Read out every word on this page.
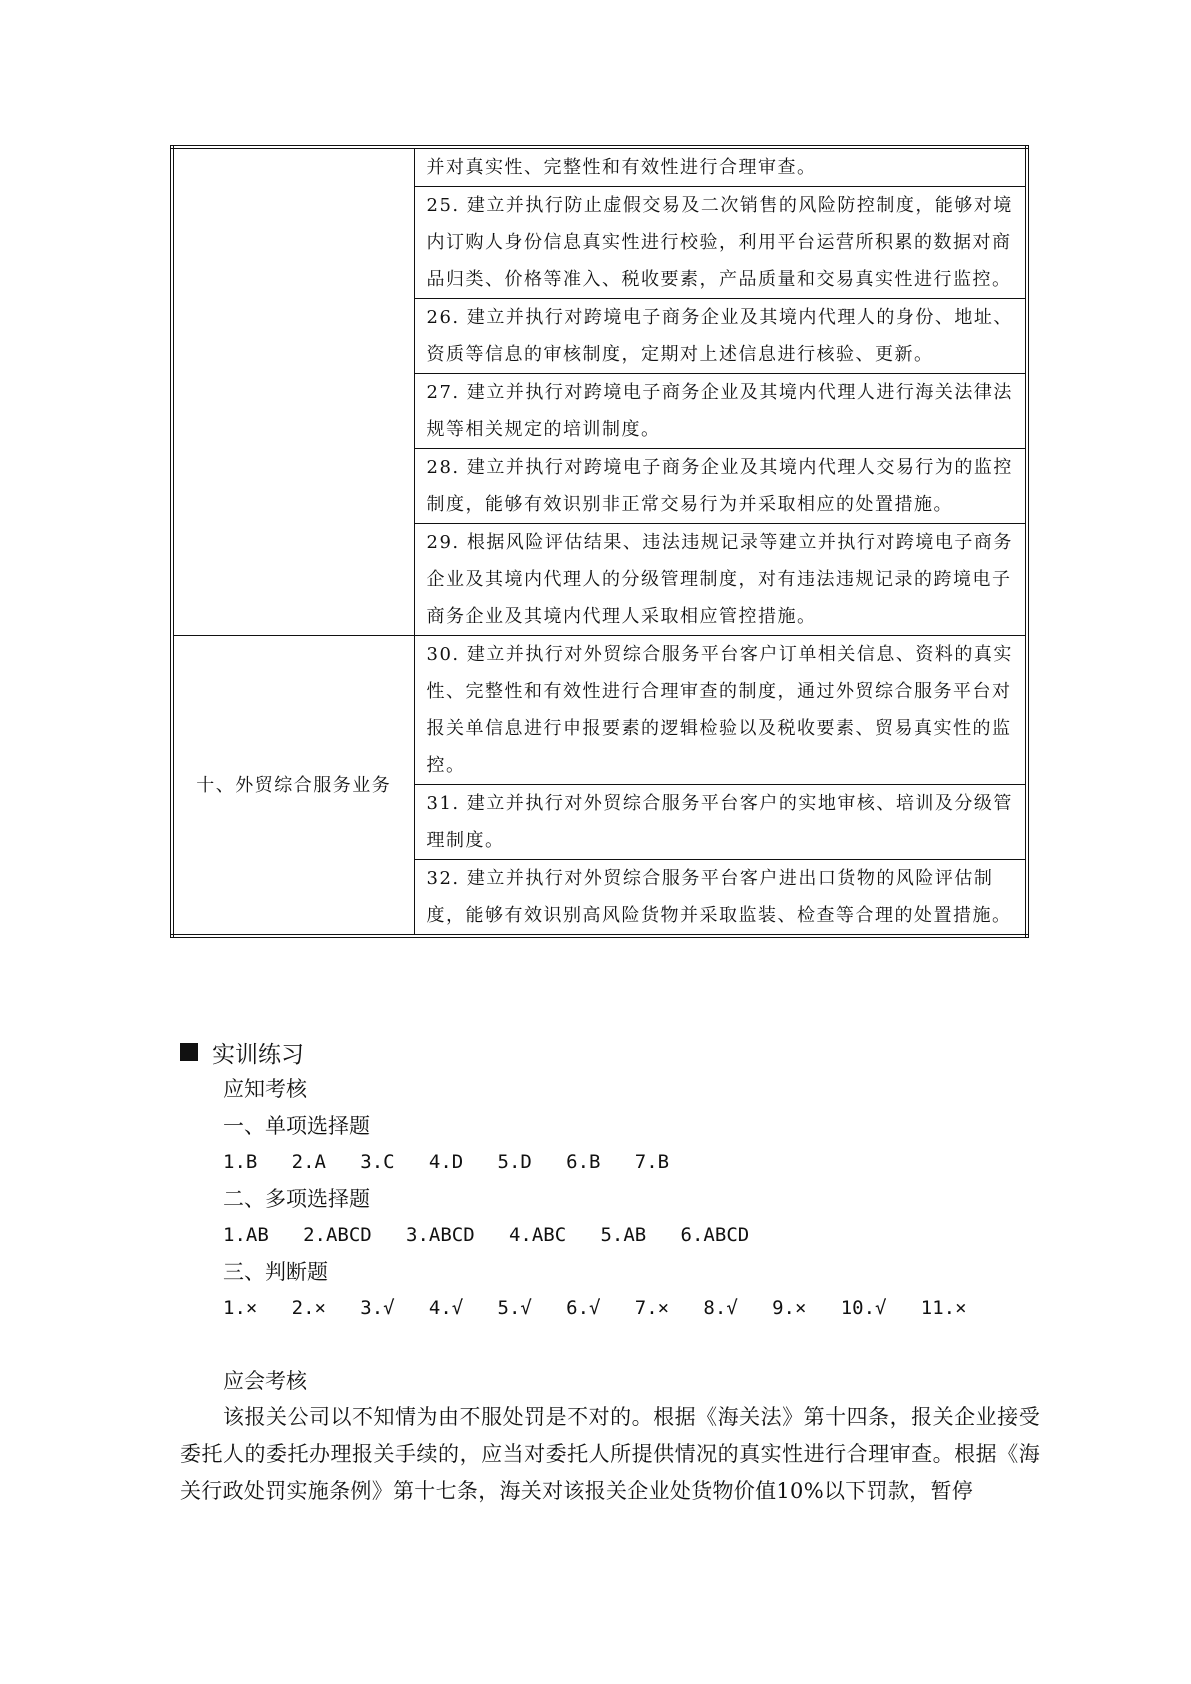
	并对真实性、完整性和有效性进行合理审查。
	25. 建立并执行防止虚假交易及二次销售的风险防控制度，能够对境内订购人身份信息真实性进行校验，利用平台运营所积累的数据对商品归类、价格等准入、税收要素，产品质量和交易真实性进行监控。
	26. 建立并执行对跨境电子商务企业及其境内代理人的身份、地址、资质等信息的审核制度，定期对上述信息进行核验、更新。
	27. 建立并执行对跨境电子商务企业及其境内代理人进行海关法律法规等相关规定的培训制度。
	28. 建立并执行对跨境电子商务企业及其境内代理人交易行为的监控制度，能够有效识别非正常交易行为并采取相应的处置措施。
	29. 根据风险评估结果、违法违规记录等建立并执行对跨境电子商务企业及其境内代理人的分级管理制度，对有违法违规记录的跨境电子商务企业及其境内代理人采取相应管控措施。
十、外贸综合服务业务	30. 建立并执行对外贸综合服务平台客户订单相关信息、资料的真实性、完整性和有效性进行合理审查的制度，通过外贸综合服务平台对报关单信息进行申报要素的逻辑检验以及税收要素、贸易真实性的监控。
	31. 建立并执行对外贸综合服务平台客户的实地审核、培训及分级管理制度。
	32. 建立并执行对外贸综合服务平台客户进出口货物的风险评估制度，能够有效识别高风险货物并采取监装、检查等合理的处置措施。
实训练习
应知考核
一、单项选择题
1.B   2.A   3.C   4.D   5.D   6.B   7.B
二、多项选择题
1.AB   2.ABCD   3.ABCD   4.ABC   5.AB   6.ABCD
三、判断题
1.×   2.×   3.√   4.√   5.√   6.√   7.×   8.√   9.×   10.√   11.×
应会考核

该报关公司以不知情为由不服处罚是不对的。根据《海关法》第十四条，报关企业接受委托人的委托办理报关手续的，应当对委托人所提供情况的真实性进行合理审查。根据《海关行政处罚实施条例》第十七条，海关对该报关企业处货物价值10%以下罚款，暂停
